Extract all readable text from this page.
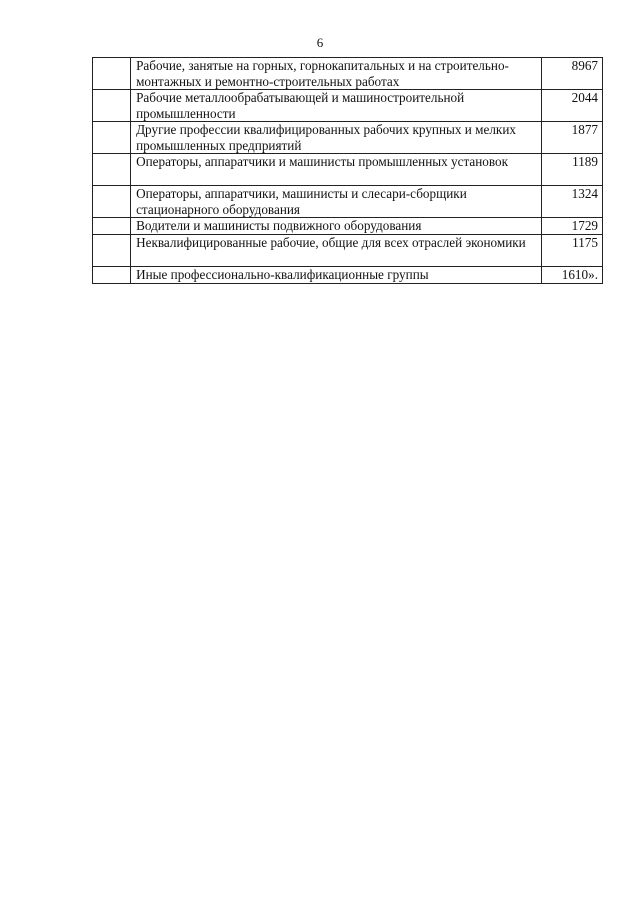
6
	Рабочие, занятые на горных, горнокапитальных и на строительно-монтажных и ремонтно-строительных работах	8967
	Рабочие металлообрабатывающей и машиностроительной промышленности	2044
	Другие профессии квалифицированных рабочих крупных и мелких промышленных предприятий	1877
	Операторы, аппаратчики и машинисты промышленных установок	1189
	Операторы, аппаратчики, машинисты и слесари-сборщики стационарного оборудования	1324
	Водители и машинисты подвижного оборудования	1729
	Неквалифицированные рабочие, общие для всех отраслей экономики	1175
	Иные профессионально-квалификационные группы	1610».
